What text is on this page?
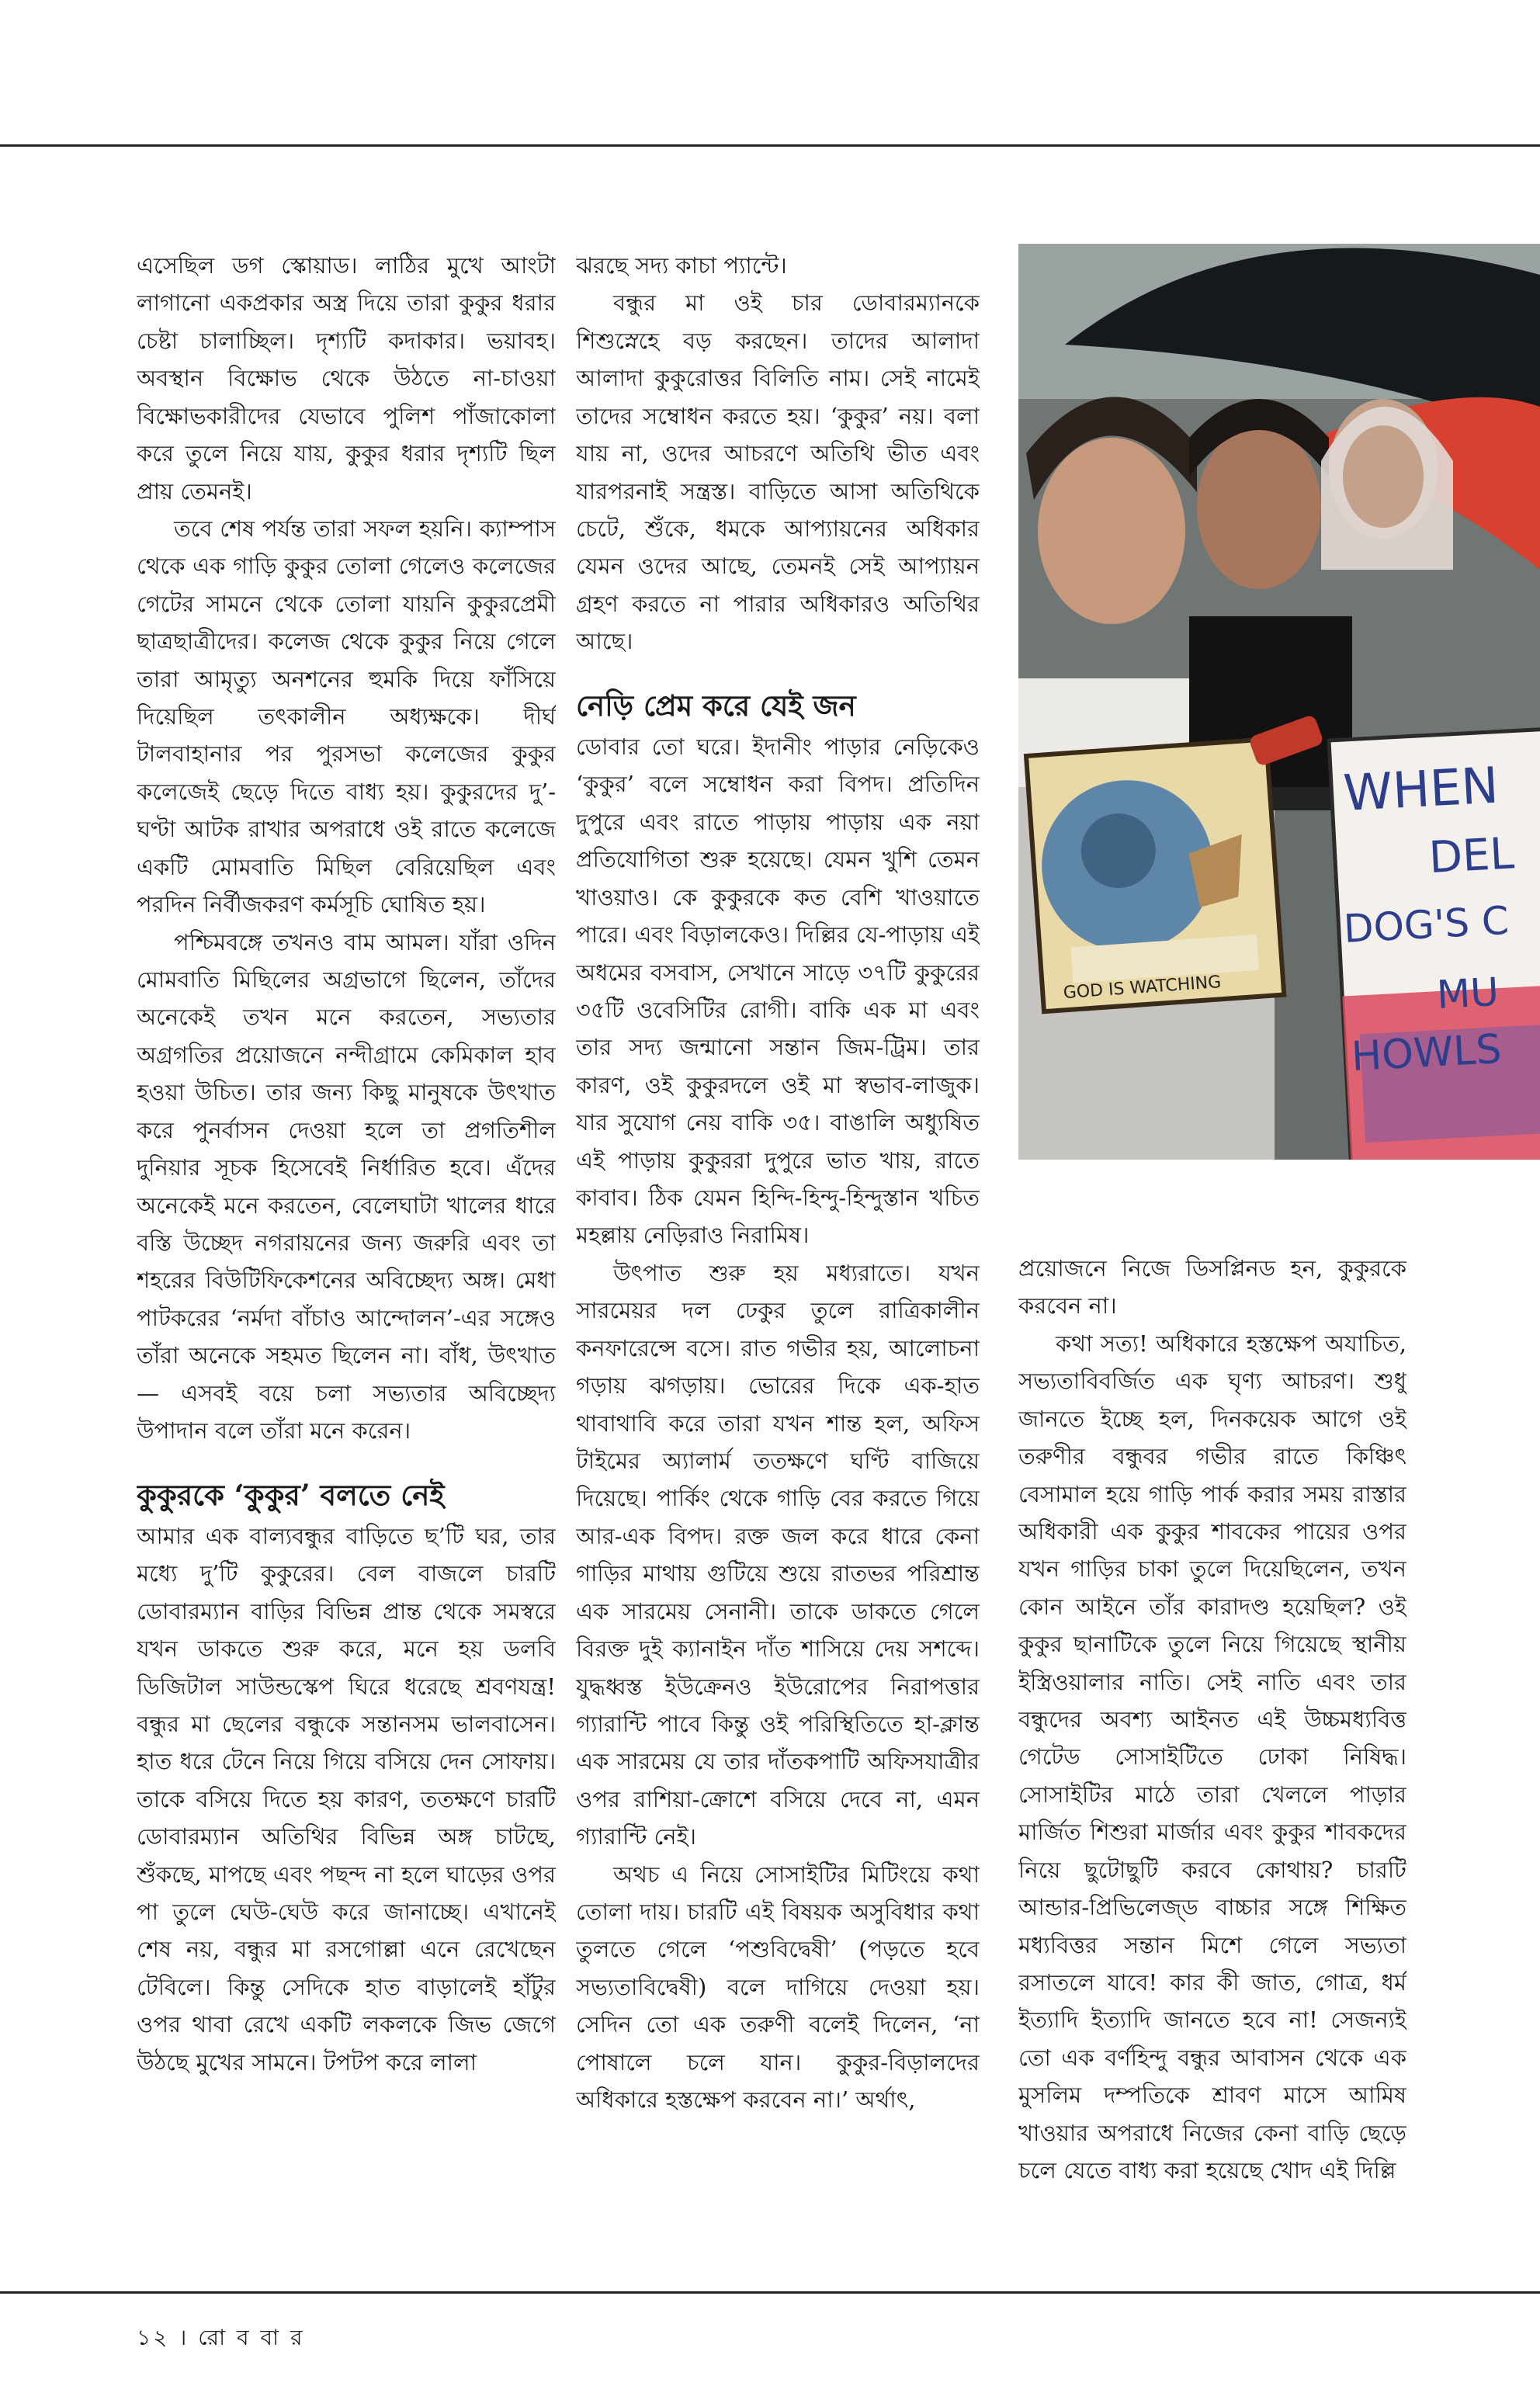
এসেছিল ডগ স্কোয়াড। লাঠির মুখে আংটা লাগানো একপ্রকার অস্ত্র দিয়ে তারা কুকুর ধরার চেষ্টা চালাচ্ছিল। দৃশ্যটি কদাকার। ভয়াবহ। অবস্থান বিক্ষোভ থেকে উঠতে না-চাওয়া বিক্ষোভকারীদের যেভাবে পুলিশ পাঁজাকোলা করে তুলে নিয়ে যায়, কুকুর ধরার দৃশ্যটি ছিল প্রায় তেমনই।

তবে শেষ পর্যন্ত তারা সফল হয়নি। ক্যাম্পাস থেকে এক গাড়ি কুকুর তোলা গেলেও কলেজের গেটের সামনে থেকে তোলা যায়নি কুকুরপ্রেমী ছাত্রছাত্রীদের। কলেজ থেকে কুকুর নিয়ে গেলে তারা আমৃত্যু অনশনের হুমকি দিয়ে ফাঁসিয়ে দিয়েছিল তৎকালীন অধ্যক্ষকে। দীর্ঘ টালবাহানার পর পুরসভা কলেজের কুকুর কলেজেই ছেড়ে দিতে বাধ্য হয়। কুকুরদের দু’-ঘণ্টা আটক রাখার অপরাধে ওই রাতে কলেজে একটি মোমবাতি মিছিল বেরিয়েছিল এবং পরদিন নির্বীজকরণ কর্মসূচি ঘোষিত হয়।

পশ্চিমবঙ্গে তখনও বাম আমল। যাঁরা ওদিন মোমবাতি মিছিলের অগ্রভাগে ছিলেন, তাঁদের অনেকেই তখন মনে করতেন, সভ্যতার অগ্রগতির প্রয়োজনে নন্দীগ্রামে কেমিকাল হাব হওয়া উচিত। তার জন্য কিছু মানুষকে উৎখাত করে পুনর্বাসন দেওয়া হলে তা প্রগতিশীল দুনিয়ার সূচক হিসেবেই নির্ধারিত হবে। এঁদের অনেকেই মনে করতেন, বেলেঘাটা খালের ধারে বস্তি উচ্ছেদ নগরায়নের জন্য জরুরি এবং তা শহরের বিউটিফিকেশনের অবিচ্ছেদ্য অঙ্গ। মেধা পাটকরের ‘নর্মদা বাঁচাও আন্দোলন’-এর সঙ্গেও তাঁরা অনেকে সহমত ছিলেন না। বাঁধ, উৎখাত— এসবই বয়ে চলা সভ্যতার অবিচ্ছেদ্য উপাদান বলে তাঁরা মনে করেন।

কুকুরকে ‘কুকুর’ বলতে নেই

আমার এক বাল্যবন্ধুর বাড়িতে ছ’টি ঘর, তার মধ্যে দু’টি কুকুরের। বেল বাজলে চারটি ডোবারম্যান বাড়ির বিভিন্ন প্রান্ত থেকে সমস্বরে যখন ডাকতে শুরু করে, মনে হয় ডলবি ডিজিটাল সাউন্ডস্কেপ ঘিরে ধরেছে শ্রবণযন্ত্র! বন্ধুর মা ছেলের বন্ধুকে সন্তানসম ভালবাসেন। হাত ধরে টেনে নিয়ে গিয়ে বসিয়ে দেন সোফায়। তাকে বসিয়ে দিতে হয় কারণ, ততক্ষণে চারটি ডোবারম্যান অতিথির বিভিন্ন অঙ্গ চাটছে, শুঁকছে, মাপছে এবং পছন্দ না হলে ঘাড়ের ওপর পা তুলে ঘেউ-ঘেউ করে জানাচ্ছে। এখানেই শেষ নয়, বন্ধুর মা রসগোল্লা এনে রেখেছেন টেবিলে। কিন্তু সেদিকে হাত বাড়ালেই হাঁটুর ওপর থাবা রেখে একটি লকলকে জিভ জেগে উঠছে মুখের সামনে। টপটপ করে লালা

ঝরছে সদ্য কাচা প্যান্টে।

বন্ধুর মা ওই চার ডোবারম্যানকে শিশুস্নেহে বড় করছেন। তাদের আলাদা আলাদা কুকুরোত্তর বিলিতি নাম। সেই নামেই তাদের সম্বোধন করতে হয়। ‘কুকুর’ নয়। বলা যায় না, ওদের আচরণে অতিথি ভীত এবং যারপরনাই সন্ত্রস্ত। বাড়িতে আসা অতিথিকে চেটে, শুঁকে, ধমকে আপ্যায়নের অধিকার যেমন ওদের আছে, তেমনই সেই আপ্যায়ন গ্রহণ করতে না পারার অধিকারও অতিথির আছে।

নেড়ি প্রেম করে যেই জন

ডোবার তো ঘরে। ইদানীং পাড়ার নেড়িকেও ‘কুকুর’ বলে সম্বোধন করা বিপদ। প্রতিদিন দুপুরে এবং রাতে পাড়ায় পাড়ায় এক নয়া প্রতিযোগিতা শুরু হয়েছে। যেমন খুশি তেমন খাওয়াও। কে কুকুরকে কত বেশি খাওয়াতে পারে। এবং বিড়ালকেও। দিল্লির যে-পাড়ায় এই অধমের বসবাস, সেখানে সাড়ে ৩৭টি কুকুরের ৩৫টি ওবেসিটির রোগী। বাকি এক মা এবং তার সদ্য জন্মানো সন্তান জিম-ট্রিম। তার কারণ, ওই কুকুরদলে ওই মা স্বভাব-লাজুক। যার সুযোগ নেয় বাকি ৩৫। বাঙালি অধ্যুষিত এই পাড়ায় কুকুররা দুপুরে ভাত খায়, রাতে কাবাব। ঠিক যেমন হিন্দি-হিন্দু-হিন্দুস্তান খচিত মহল্লায় নেড়িরাও নিরামিষ।

উৎপাত শুরু হয় মধ্যরাতে। যখন সারমেয়র দল ঢেকুর তুলে রাত্রিকালীন কনফারেন্সে বসে। রাত গভীর হয়, আলোচনা গড়ায় ঝগড়ায়। ভোরের দিকে এক-হাত থাবাথাবি করে তারা যখন শান্ত হল, অফিস টাইমের অ্যালার্ম ততক্ষণে ঘণ্টি বাজিয়ে দিয়েছে। পার্কিং থেকে গাড়ি বের করতে গিয়ে আর-এক বিপদ। রক্ত জল করে ধারে কেনা গাড়ির মাথায় গুটিয়ে শুয়ে রাতভর পরিশ্রান্ত এক সারমেয় সেনানী। তাকে ডাকতে গেলে বিরক্ত দুই ক্যানাইন দাঁত শাসিয়ে দেয় সশব্দে। যুদ্ধধ্বস্ত ইউক্রেনও ইউরোপের নিরাপত্তার গ্যারান্টি পাবে কিন্তু ওই পরিস্থিতিতে হা-ক্লান্ত এক সারমেয় যে তার দাঁতকপাটি অফিসযাত্রীর ওপর রাশিয়া-ক্রোশে বসিয়ে দেবে না, এমন গ্যারান্টি নেই।

অথচ এ নিয়ে সোসাইটির মিটিংয়ে কথা তোলা দায়। চারটি এই বিষয়ক অসুবিধার কথা তুলতে গেলে ‘পশুবিদ্বেষী’ (পড়তে হবে সভ্যতাবিদ্বেষী) বলে দাগিয়ে দেওয়া হয়। সেদিন তো এক তরুণী বলেই দিলেন, ‘না পোষালে চলে যান। কুকুর-বিড়ালদের অধিকারে হস্তক্ষেপ করবেন না।’ অর্থাৎ,

GOD IS WATCHING
WHEN
DEL
DOG'S C
MU
HOWLS

প্রয়োজনে নিজে ডিসপ্লিনড হন, কুকুরকে করবেন না।

কথা সত্য! অধিকারে হস্তক্ষেপ অযাচিত, সভ্যতাবিবর্জিত এক ঘৃণ্য আচরণ। শুধু জানতে ইচ্ছে হল, দিনকয়েক আগে ওই তরুণীর বন্ধুবর গভীর রাতে কিঞ্চিৎ বেসামাল হয়ে গাড়ি পার্ক করার সময় রাস্তার অধিকারী এক কুকুর শাবকের পায়ের ওপর যখন গাড়ির চাকা তুলে দিয়েছিলেন, তখন কোন আইনে তাঁর কারাদণ্ড হয়েছিল? ওই কুকুর ছানাটিকে তুলে নিয়ে গিয়েছে স্থানীয় ইস্ত্রিওয়ালার নাতি। সেই নাতি এবং তার বন্ধুদের অবশ্য আইনত এই উচ্চমধ্যবিত্ত গেটেড সোসাইটিতে ঢোকা নিষিদ্ধ। সোসাইটির মাঠে তারা খেললে পাড়ার মার্জিত শিশুরা মার্জার এবং কুকুর শাবকদের নিয়ে ছুটোছুটি করবে কোথায়? চারটি আন্ডার-প্রিভিলেজ্‌ড বাচ্চার সঙ্গে শিক্ষিত মধ্যবিত্তর সন্তান মিশে গেলে সভ্যতা রসাতলে যাবে! কার কী জাত, গোত্র, ধর্ম ইত্যাদি ইত্যাদি জানতে হবে না! সেজন্যই তো এক বর্ণহিন্দু বন্ধুর আবাসন থেকে এক মুসলিম দম্পতিকে শ্রাবণ মাসে আমিষ খাওয়ার অপরাধে নিজের কেনা বাড়ি ছেড়ে চলে যেতে বাধ্য করা হয়েছে খোদ এই দিল্লি

১২ । রো ব বা র
